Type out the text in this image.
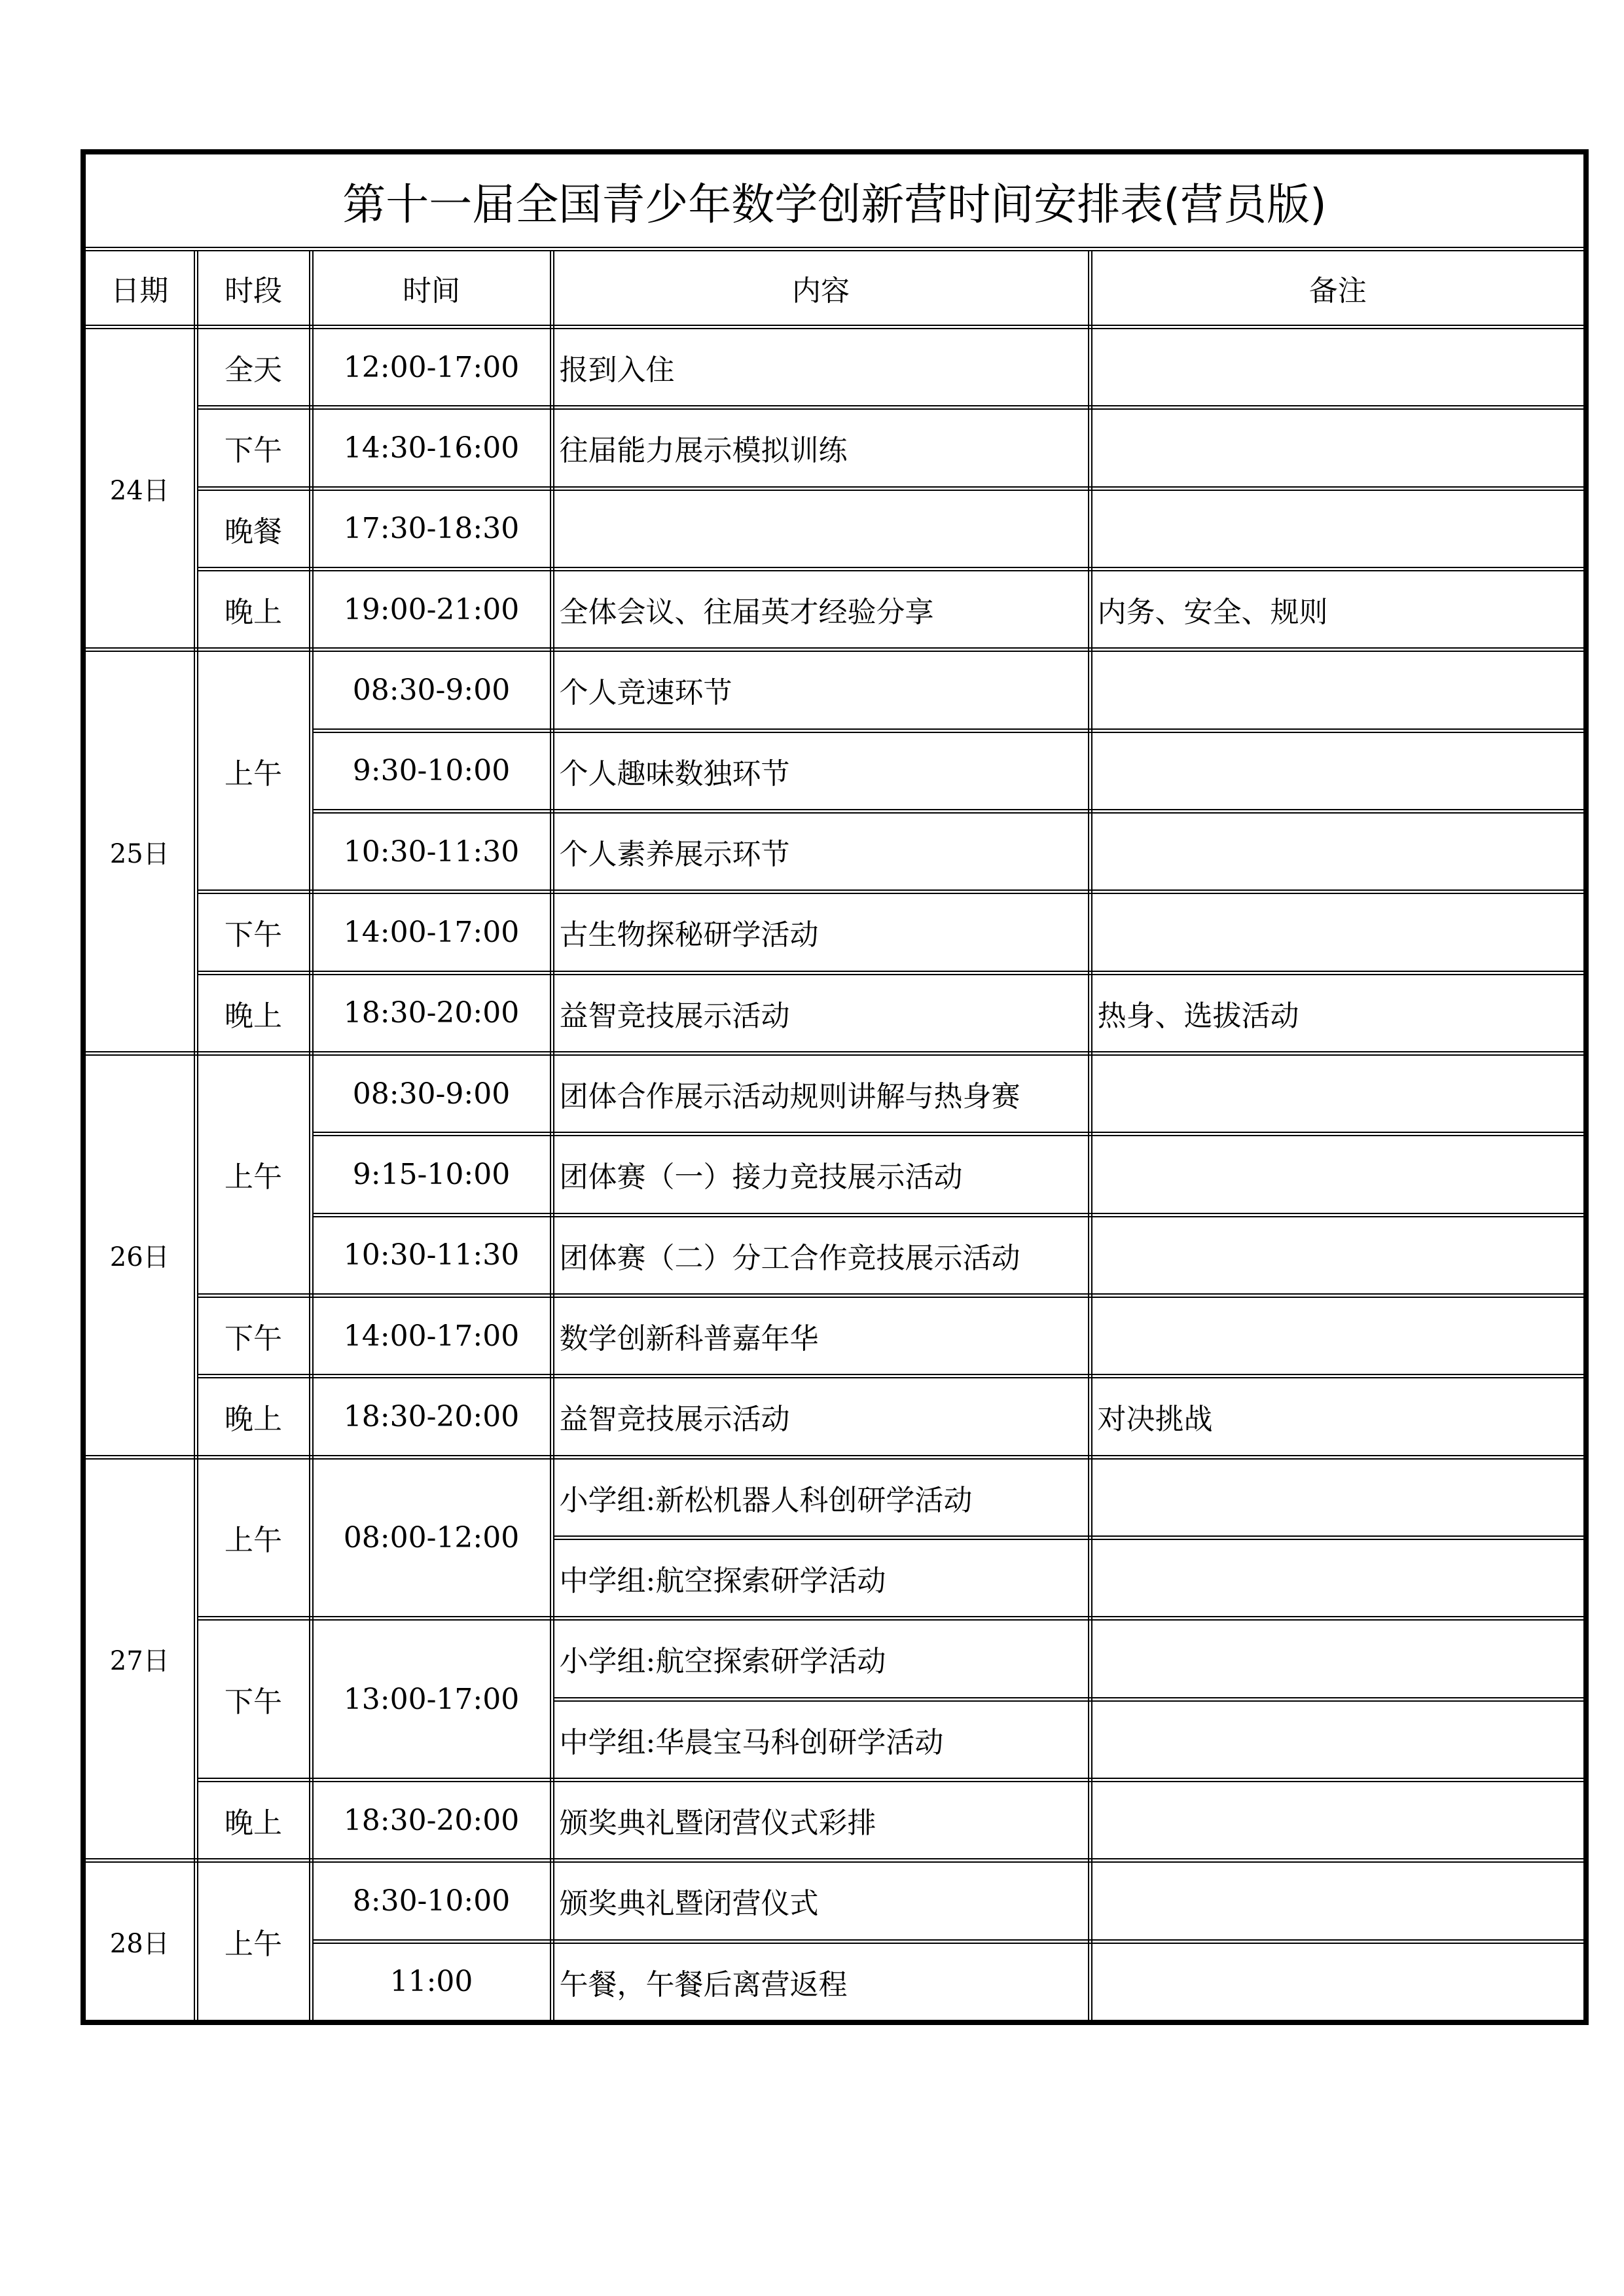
第十一届全国青少年数学创新营时间安排表(营员版)				
日期	时段	时间	内容	备注
24日	全天	12:00-17:00	报到入住	
	下午	14:30-16:00	往届能力展示模拟训练	
	晚餐	17:30-18:30		
	晚上	19:00-21:00	全体会议、往届英才经验分享	内务、安全、规则
25日	上午	08:30-9:00	个人竞速环节	
		9:30-10:00	个人趣味数独环节	
		10:30-11:30	个人素养展示环节	
	下午	14:00-17:00	古生物探秘研学活动	
	晚上	18:30-20:00	益智竞技展示活动	热身、选拔活动
26日	上午	08:30-9:00	团体合作展示活动规则讲解与热身赛	
		9:15-10:00	团体赛（一）接力竞技展示活动	
		10:30-11:30	团体赛（二）分工合作竞技展示活动	
	下午	14:00-17:00	数学创新科普嘉年华	
	晚上	18:30-20:00	益智竞技展示活动	对决挑战
27日	上午	08:00-12:00	小学组:新松机器人科创研学活动	
			中学组:航空探索研学活动	
	下午	13:00-17:00	小学组:航空探索研学活动	
			中学组:华晨宝马科创研学活动	
	晚上	18:30-20:00	颁奖典礼暨闭营仪式彩排	
28日	上午	8:30-10:00	颁奖典礼暨闭营仪式	
		11:00	午餐，午餐后离营返程	
